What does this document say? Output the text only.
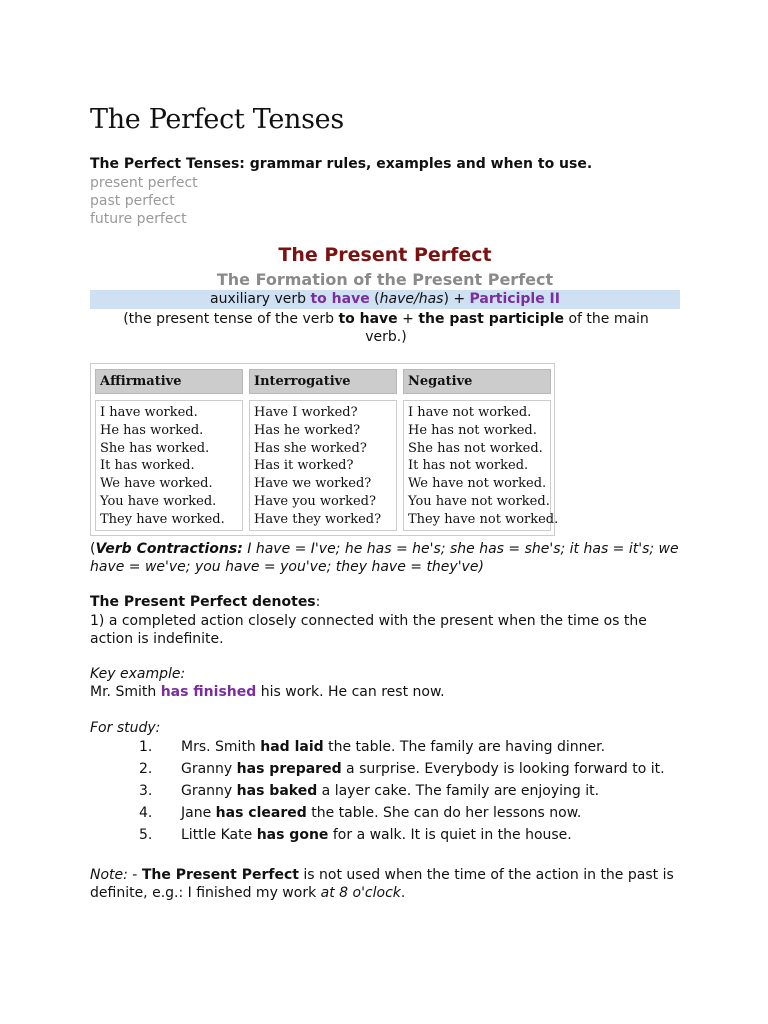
The Perfect Tenses
The Perfect Tenses: grammar rules, examples and when to use.
present perfect
past perfect
future perfect
The Present Perfect
The Formation of the Present Perfect
auxiliary verb to have (have/has) + Participle II
(the present tense of the verb to have + the past participle of the main verb.)
Affirmative
I have worked.
He has worked.
She has worked.
It has worked.
We have worked.
You have worked.
They have worked.
Interrogative
Have I worked?
Has he worked?
Has she worked?
Has it worked?
Have we worked?
Have you worked?
Have they worked?
Negative
I have not worked.
He has not worked.
She has not worked.
It has not worked.
We have not worked.
You have not worked.
They have not worked.
(Verb Contractions: I have = I've; he has = he's; she has = she's; it has = it's; we have = we've; you have = you've; they have = they've)
The Present Perfect denotes:
1) a completed action closely connected with the present when the time os the action is indefinite.
Key example:
Mr. Smith has finished his work. He can rest now.
For study:
1. Mrs. Smith had laid the table. The family are having dinner.
2. Granny has prepared a surprise. Everybody is looking forward to it.
3. Granny has baked a layer cake. The family are enjoying it.
4. Jane has cleared the table. She can do her lessons now.
5. Little Kate has gone for a walk. It is quiet in the house.
Note: - The Present Perfect is not used when the time of the action in the past is definite, e.g.: I finished my work at 8 o'clock.
